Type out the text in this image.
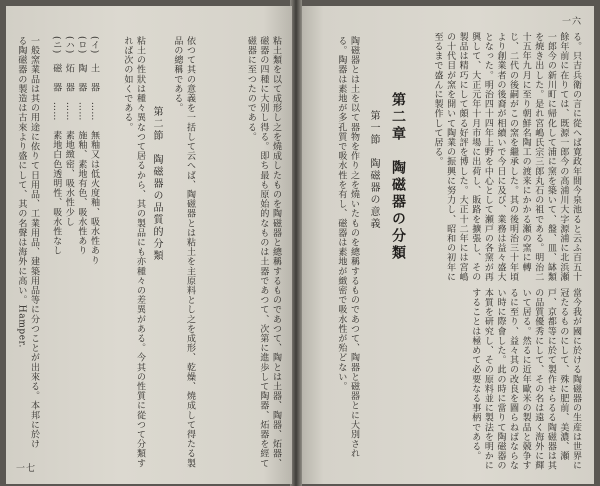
一六
る。只吉兵衛の言に從へば寛政年間今泉池ると云ふ百五十餘年前に在りては、既源一郎今の高浦川大字源浦に北浜瀬一郎今の新川町に帰化して浦に窯を築いて、盤、皿、缽類を焼き出した。是れ宮嶋氏宗三郎丸石の祖である。明治二十五年九月に至り朝鮮名陶工の渡来にかかる瀬の窯に轉じ、二代の後嗣がこの窯を繼承した。其の後明治三十年頃より創業者の後裔が相續いで今日に及び、業務は益々盛大となった。明治四十四年上野を中心として瀬戸の各窯が再興して、大正元年十月市場に出荷し、販路を擴張し、その製品は精巧にして頗る好評を博した。大正十二年には宮嶋の十代目が窯を開いて陶業の振興に努力し、昭和の初年に至るまで盛んに製作して居る。
第二章　陶磁器の分類
第一節　陶磁器の意義
當今我が國に於ける陶磁器の生産は世界に冠たるものにして、殊に肥前、美濃、瀬戸、京都等に於て製作せらるる陶磁器は其の品質優秀にして、その名は遠く海外に輝いて居る。然るに近年歐米の製品と競争するに至り、益々其の改良を圖らねばならない時に際會した。此の時に當りて陶磁器の本質を研究し、その原料並に製法を明かにすることは極めて必要なる事柄である。
陶磁器とは土を以て器物を作り之を燒いたものを總稱するものであつて、陶器と磁器とに大別される。陶器は素地が多孔質で吸水性を有し、磁器は素地が緻密で吸水性が殆どない。
一七
粘土類を以て成形し之を燒成したものを陶磁器と總稱するものであつて、陶とは土器、陶器、炻器、磁器の四種に大別し得る。即ち最も原始的なものは土器であつて、次第に進歩して陶器、炻器を經て磁器に至つたのである。
依つて其の意義を一括して云へば、陶磁器とは粘土を主原料とし之を成形、乾燥、燒成して得たる製品の總稱である。
第二節　陶磁器の品質的分類
粘土の性狀は種々異なつて居るから、其の製品にも亦種々の差異がある。今其の性質に從つて分類すれば次の如くである。
(イ)　土　器　……　無釉又は低火度釉、吸水性あり
(ロ)　陶　器　……　施釉、素地有色、吸水性あり
(ハ)　炻　器　……　素地緻密、吸水性少し
(ニ)　磁　器　……　素地白色透明性、吸水性なし
一般窯業品は其の用途に依りて日用品、工業用品、建築用品等に分つことが出來る。本邦に於ける陶磁器の製造は古來より盛にして、其の名聲は海外に高い。Hamper.
